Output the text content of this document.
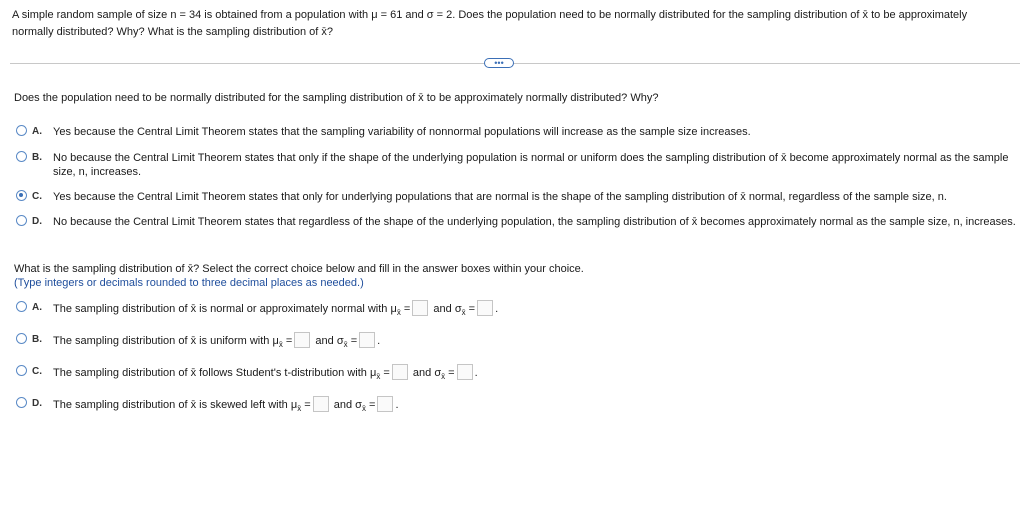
A simple random sample of size n = 34 is obtained from a population with μ = 61 and σ = 2. Does the population need to be normally distributed for the sampling distribution of x̄ to be approximately
normally distributed? Why? What is the sampling distribution of x̄?
•••
Does the population need to be normally distributed for the sampling distribution of x̄ to be approximately normally distributed? Why?
A. Yes because the Central Limit Theorem states that the sampling variability of nonnormal populations will increase as the sample size increases.
B. No because the Central Limit Theorem states that only if the shape of the underlying population is normal or uniform does the sampling distribution of x̄ become approximately normal as the sample size, n, increases.
C. Yes because the Central Limit Theorem states that only for underlying populations that are normal is the shape of the sampling distribution of x̄ normal, regardless of the sample size, n.
D. No because the Central Limit Theorem states that regardless of the shape of the underlying population, the sampling distribution of x̄ becomes approximately normal as the sample size, n, increases.
What is the sampling distribution of x̄? Select the correct choice below and fill in the answer boxes within your choice.
(Type integers or decimals rounded to three decimal places as needed.)
A. The sampling distribution of x̄ is normal or approximately normal with $\mu_{x̄}$ = and $\sigma_{x̄}$ = .
B. The sampling distribution of x̄ is uniform with $\mu_{x̄}$ = and $\sigma_{x̄}$ = .
C. The sampling distribution of x̄ follows Student's t-distribution with $\mu_{x̄}$ = and $\sigma_{x̄}$ = .
D. The sampling distribution of x̄ is skewed left with $\mu_{x̄}$ = and $\sigma_{x̄}$ = .
